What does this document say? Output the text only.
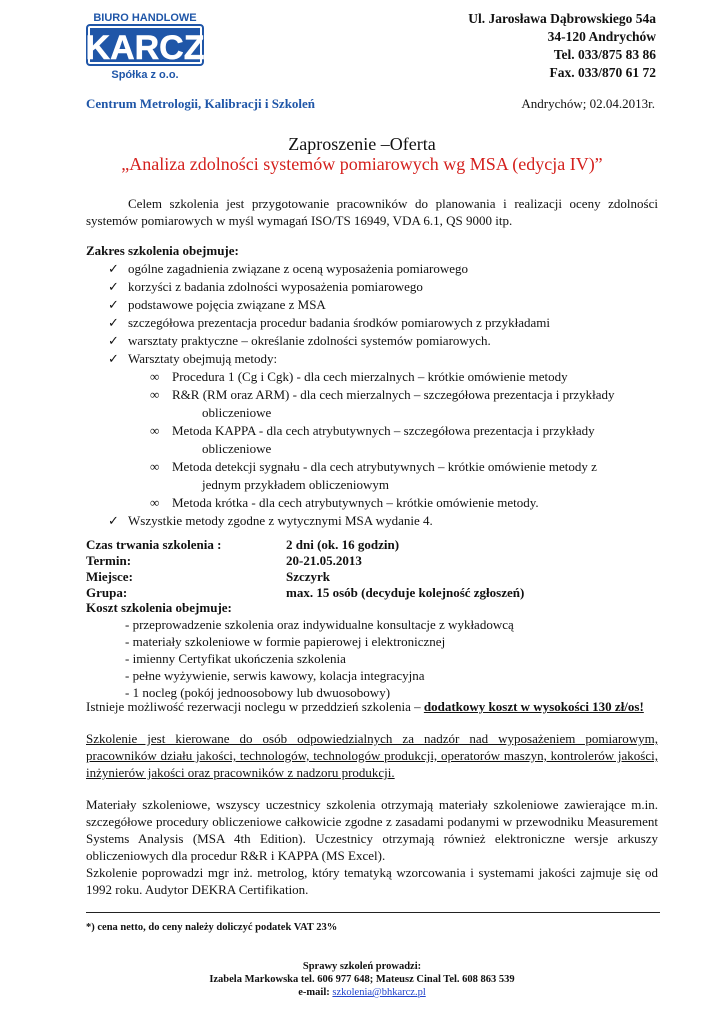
BIURO HANDLOWE
KARCZ
Spółka z o.o.
Ul. Jarosława Dąbrowskiego 54a
34-120 Andrychów
Tel. 033/875 83 86
Fax. 033/870 61 72
Centrum Metrologii, Kalibracji i Szkoleń	Andrychów; 02.04.2013r.
Zaproszenie –Oferta
„Analiza zdolności systemów pomiarowych wg MSA (edycja IV)”
Celem szkolenia jest przygotowanie pracowników do planowania i realizacji oceny zdolności systemów pomiarowych w myśl wymagań ISO/TS 16949, VDA 6.1, QS 9000 itp.
Zakres szkolenia obejmuje:
✓ ogólne zagadnienia związane z oceną wyposażenia pomiarowego
✓ korzyści z badania zdolności wyposażenia pomiarowego
✓ podstawowe pojęcia związane z MSA
✓ szczegółowa prezentacja procedur badania środków pomiarowych z przykładami
✓ warsztaty praktyczne – określanie zdolności systemów pomiarowych.
✓ Warsztaty obejmują metody:
∞ Procedura 1 (Cg i Cgk) - dla cech mierzalnych – krótkie omówienie metody
∞ R&R (RM oraz ARM) - dla cech mierzalnych – szczegółowa prezentacja i przykłady
obliczeniowe
∞ Metoda KAPPA - dla cech atrybutywnych – szczegółowa prezentacja i przykłady
obliczeniowe
∞ Metoda detekcji sygnału - dla cech atrybutywnych – krótkie omówienie metody z
jednym przykładem obliczeniowym
∞ Metoda krótka - dla cech atrybutywnych – krótkie omówienie metody.
✓ Wszystkie metody zgodne z wytycznymi MSA wydanie 4.
Czas trwania szkolenia :	2 dni (ok. 16 godzin)
Termin:	20-21.05.2013
Miejsce:	Szczyrk
Grupa:	max. 15 osób (decyduje kolejność zgłoszeń)
Koszt szkolenia obejmuje:
- przeprowadzenie szkolenia oraz indywidualne konsultacje z wykładowcą
- materiały szkoleniowe w formie papierowej i elektronicznej
- imienny Certyfikat ukończenia szkolenia
- pełne wyżywienie, serwis kawowy, kolacja integracyjna
- 1 nocleg (pokój jednoosobowy lub dwuosobowy)
Istnieje możliwość rezerwacji noclegu w przeddzień szkolenia – dodatkowy koszt w wysokości 130 zł/os!
Szkolenie jest kierowane do osób odpowiedzialnych za nadzór nad wyposażeniem pomiarowym, pracowników działu jakości, technologów, technologów produkcji, operatorów maszyn, kontrolerów jakości, inżynierów jakości oraz pracowników z nadzoru produkcji.
Materiały szkoleniowe, wszyscy uczestnicy szkolenia otrzymają materiały szkoleniowe zawierające m.in. szczegółowe procedury obliczeniowe całkowicie zgodne z zasadami podanymi w przewodniku Measurement Systems Analysis (MSA 4th Edition). Uczestnicy otrzymają również elektroniczne wersje arkuszy obliczeniowych dla procedur R&R i KAPPA (MS Excel).
Szkolenie poprowadzi mgr inż. metrolog, który tematyką wzorcowania i systemami jakości zajmuje się od 1992 roku. Audytor DEKRA Certifikation.
*) cena netto, do ceny należy doliczyć podatek VAT 23%
Sprawy szkoleń prowadzi:
Izabela Markowska tel. 606 977 648; Mateusz Cinal Tel. 608 863 539
e-mail: szkolenia@bhkarcz.pl
